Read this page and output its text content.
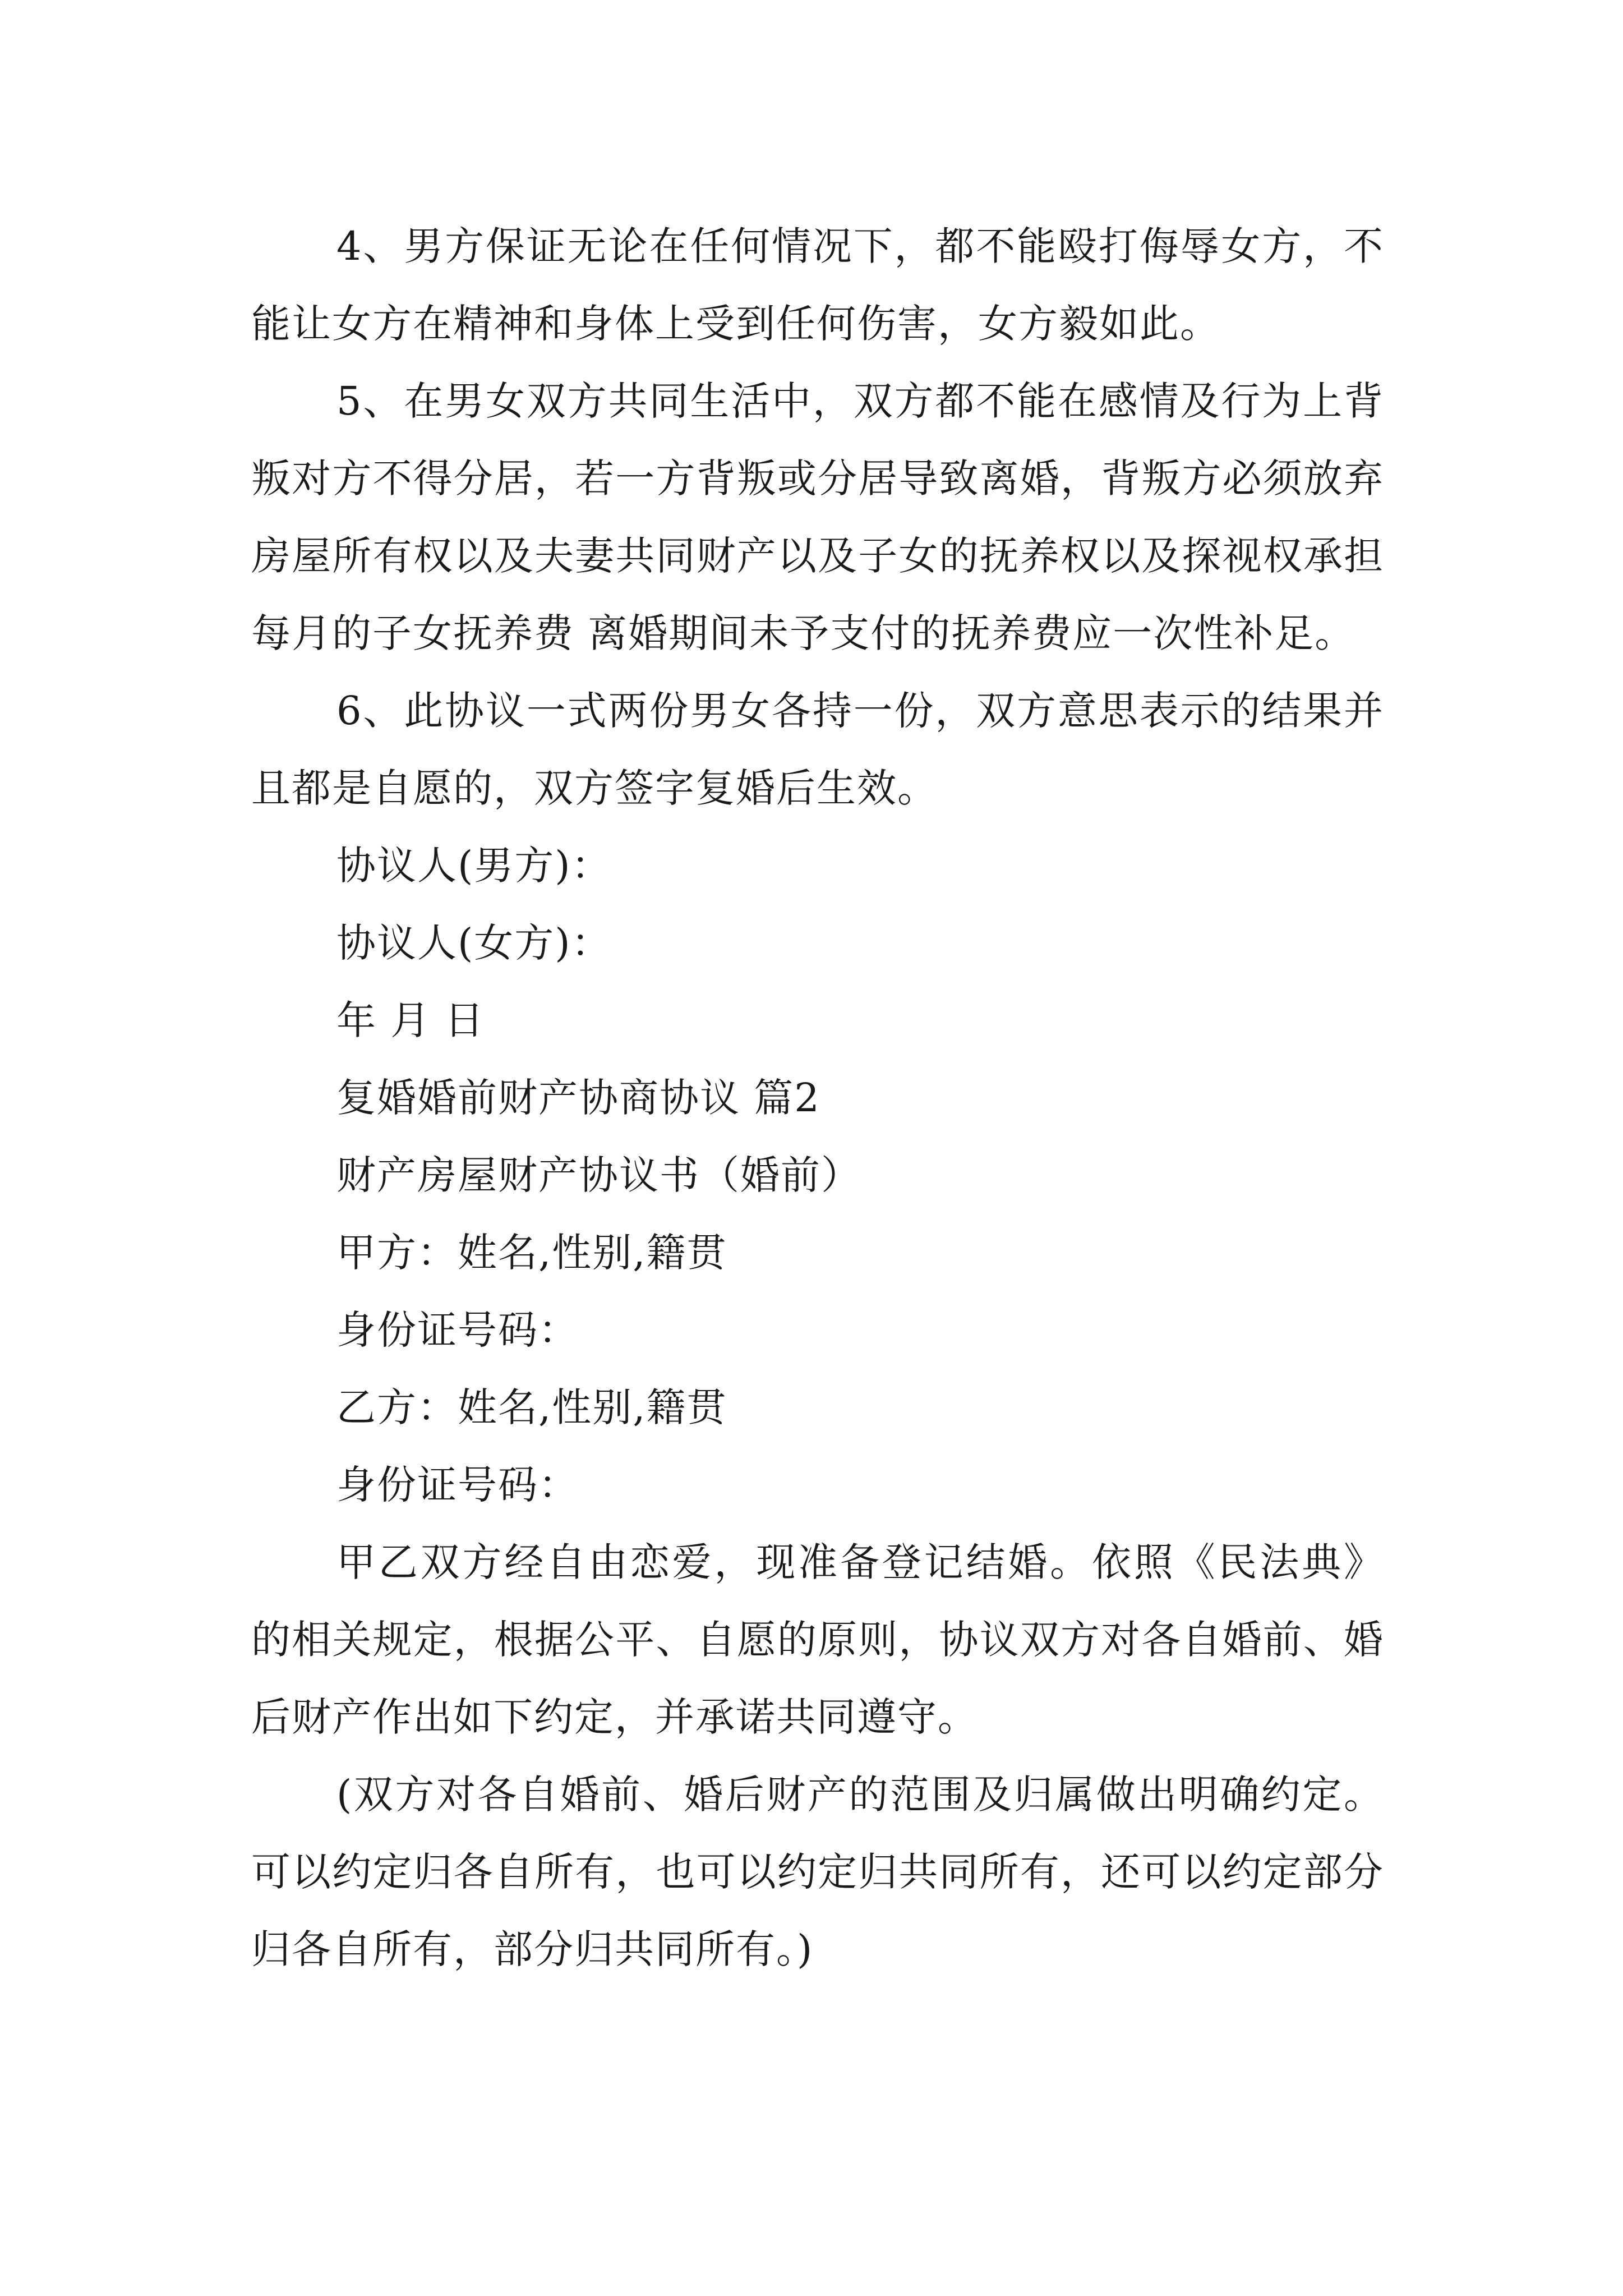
4、男方保证无论在任何情况下，都不能殴打侮辱女方，不能让女方在精神和身体上受到任何伤害，女方毅如此。

5、在男女双方共同生活中，双方都不能在感情及行为上背叛对方不得分居，若一方背叛或分居导致离婚，背叛方必须放弃房屋所有权以及夫妻共同财产以及子女的抚养权以及探视权承担每月的子女抚养费 离婚期间未予支付的抚养费应一次性补足。

6、此协议一式两份男女各持一份，双方意思表示的结果并且都是自愿的，双方签字复婚后生效。

协议人(男方)：

协议人(女方)：

年 月 日

复婚婚前财产协商协议 篇2

财产房屋财产协议书（婚前）

甲方：姓名,性别,籍贯

身份证号码：

乙方：姓名,性别,籍贯

身份证号码：

甲乙双方经自由恋爱，现准备登记结婚。依照《民法典》的相关规定，根据公平、自愿的原则，协议双方对各自婚前、婚后财产作出如下约定，并承诺共同遵守。

(双方对各自婚前、婚后财产的范围及归属做出明确约定。可以约定归各自所有，也可以约定归共同所有，还可以约定部分归各自所有，部分归共同所有。)
